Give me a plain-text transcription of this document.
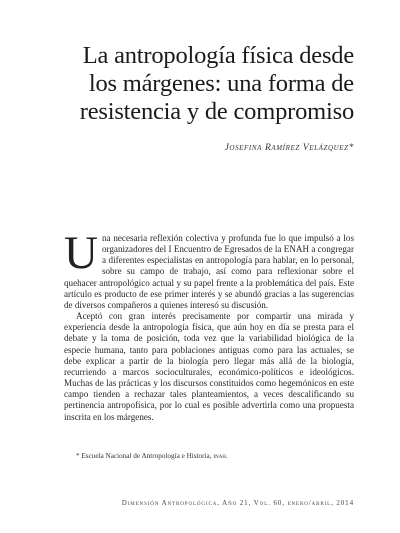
La antropología física desde
los márgenes: una forma de
resistencia y de compromiso
Josefina Ramírez Velázquez*

Una necesaria reflexión colectiva y profunda fue lo que impulsó a los organizadores del I Encuentro de Egresados de la ENAH a congregar a diferentes especialistas en antropología para hablar, en lo personal, sobre su campo de trabajo, así como para reflexionar sobre el quehacer antropológico actual y su papel frente a la problemática del país. Este artículo es producto de ese primer interés y se abundó gracias a las sugerencias de diversos compañeros a quienes interesó su discusión.

Aceptó con gran interés precisamente por compartir una mirada y experiencia desde la antropología física, que aún hoy en día se presta para el debate y la toma de posición, toda vez que la variabilidad biológica de la especie humana, tanto para poblaciones antiguas como para las actuales, se debe explicar a partir de la biología pero llegar más allá de la biología, recurriendo a marcos socioculturales, económico-políticos e ideológicos. Muchas de las prácticas y los discursos constituidos como hegemónicos en este campo tienden a rechazar tales planteamientos, a veces descalificando su pertinencia antropofísica, por lo cual es posible advertirla como una propuesta inscrita en los márgenes.

* Escuela Nacional de Antropología e Historia, inah.
Dimensión Antropológica, Año 21, Vol. 60, enero/abril, 2014
